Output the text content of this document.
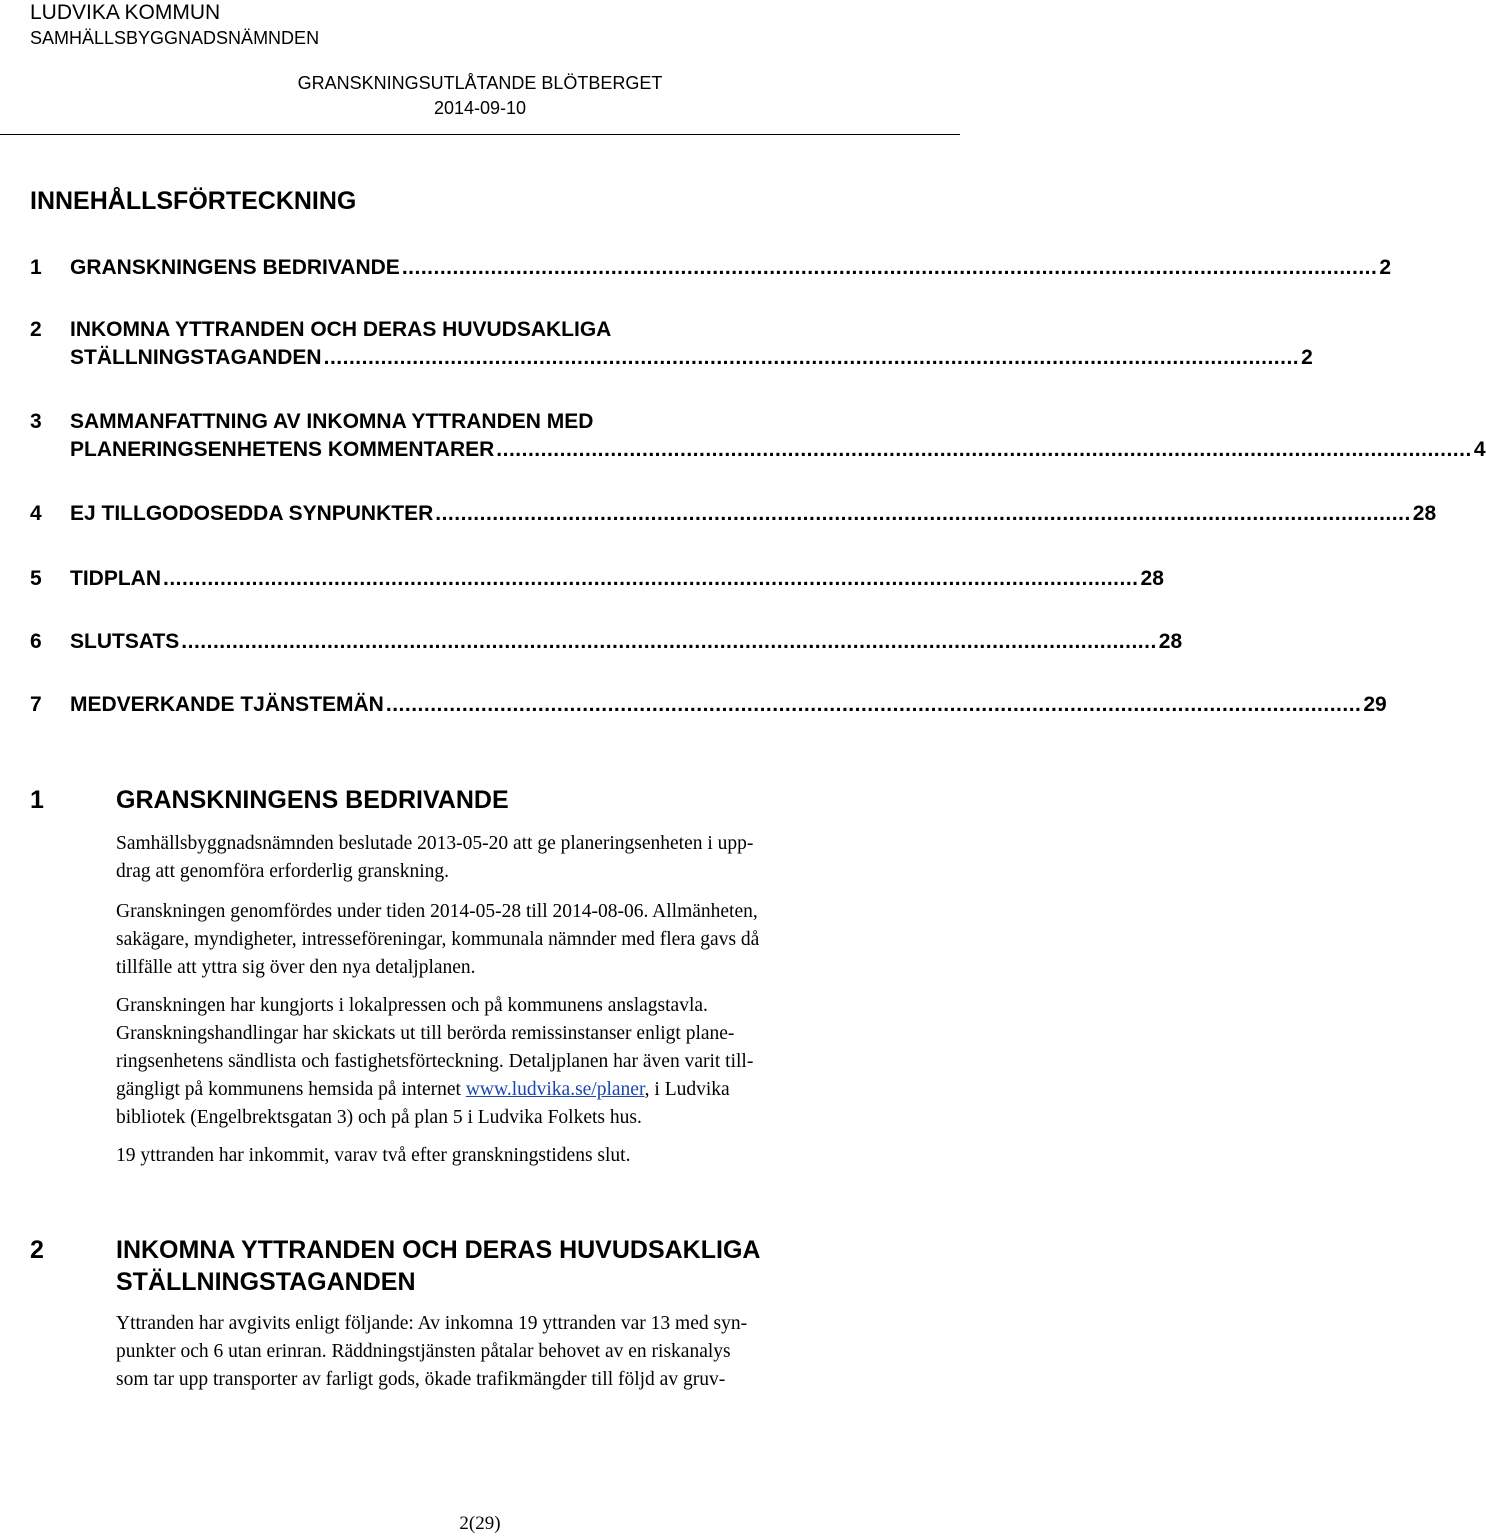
LUDVIKA KOMMUN
SAMHÄLLSBYGGNADSNÄMNDEN
GRANSKNINGSUTLÅTANDE BLÖTBERGET
2014-09-10
INNEHÅLLSFÖRTECKNING
1	GRANSKNINGENS BEDRIVANDE .......................................................................................................................................................... 2
2	INKOMNA YTTRANDEN OCH DERAS HUVUDSAKLIGA
STÄLLNINGSTAGANDEN .......................................................................................................................................................... 2
3	SAMMANFATTNING AV INKOMNA YTTRANDEN MED
PLANERINGSENHETENS KOMMENTARER .......................................................................................................................................................... 4
4	EJ TILLGODOSEDDA SYNPUNKTER .......................................................................................................................................................... 28
5	TIDPLAN .......................................................................................................................................................... 28
6	SLUTSATS .......................................................................................................................................................... 28
7	MEDVERKANDE TJÄNSTEMÄN .......................................................................................................................................................... 29
1	GRANSKNINGENS BEDRIVANDE
Samhällsbyggnadsnämnden beslutade 2013-05-20 att ge planeringsenheten i upp-
drag att genomföra erforderlig granskning.
Granskningen genomfördes under tiden 2014-05-28 till 2014-08-06. Allmänheten,
sakägare, myndigheter, intresseföreningar, kommunala nämnder med flera gavs då
tillfälle att yttra sig över den nya detaljplanen.
Granskningen har kungjorts i lokalpressen och på kommunens anslagstavla.
Granskningshandlingar har skickats ut till berörda remissinstanser enligt plane-
ringsenhetens sändlista och fastighetsförteckning. Detaljplanen har även varit till-
gängligt på kommunens hemsida på internet www.ludvika.se/planer, i Ludvika
bibliotek (Engelbrektsgatan 3) och på plan 5 i Ludvika Folkets hus.
19 yttranden har inkommit, varav två efter granskningstidens slut.
2	INKOMNA YTTRANDEN OCH DERAS HUVUDSAKLIGA
STÄLLNINGSTAGANDEN
Yttranden har avgivits enligt följande: Av inkomna 19 yttranden var 13 med syn-
punkter och 6 utan erinran. Räddningstjänsten påtalar behovet av en riskanalys
som tar upp transporter av farligt gods, ökade trafikmängder till följd av gruv-
2(29)
